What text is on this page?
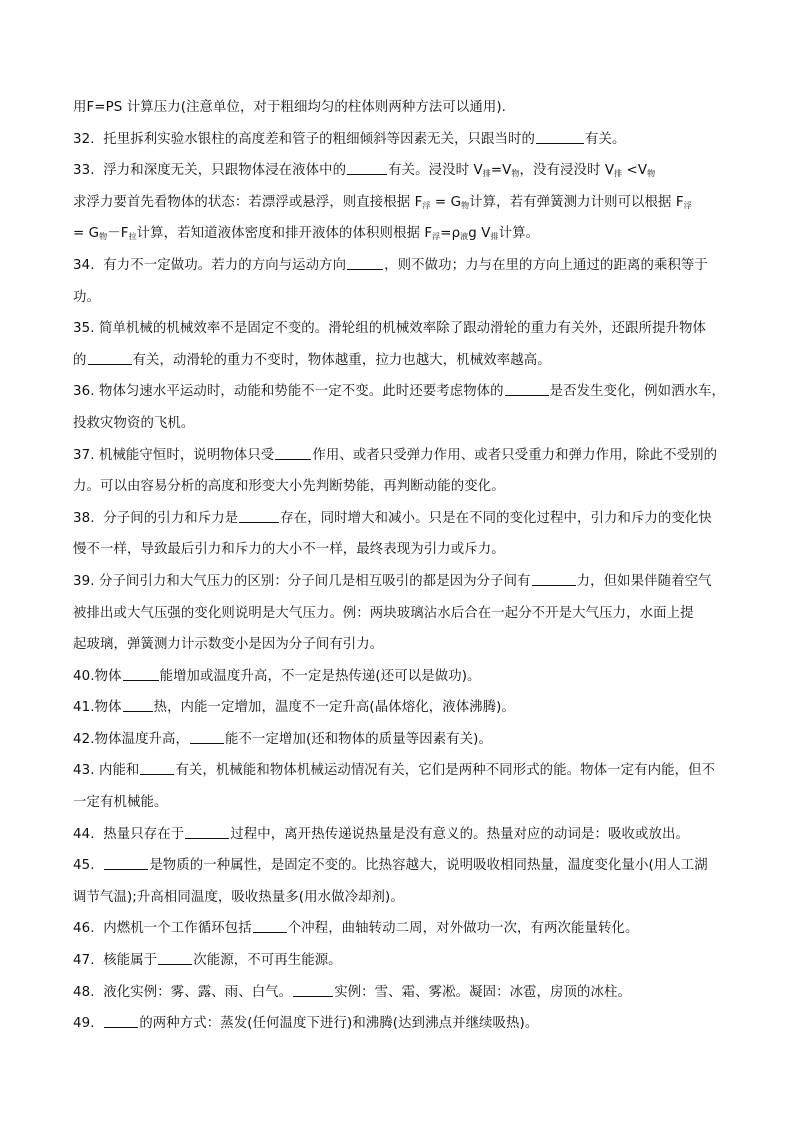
用F=PS 计算压力(注意单位，对于粗细均匀的柱体则两种方法可以通用).
32.  托里拆利实验水银柱的高度差和管子的粗细倾斜等因素无关，只跟当时的	有关。
33.  浮力和深度无关，只跟物体浸在液体中的	有关。浸没时 $V_排=V_物$，没有浸没时 $V_排 <V_物$
求浮力要首先看物体的状态：若漂浮或悬浮，则直接根据 $F_浮 = G_物$计算，若有弹簧测力计则可以根据 $F_浮$
= $G_物-F_拉$计算，若知道液体密度和排开液体的体积则根据 $F_浮=\rho_液g$ $V_排$计算。
34.  有力不一定做功。若力的方向与运动方向	，则不做功；力与在里的方向上通过的距离的乘积等于
功。
35. 简单机械的机械效率不是固定不变的。滑轮组的机械效率除了跟动滑轮的重力有关外，还跟所提升物体
的	有关，动滑轮的重力不变时，物体越重，拉力也越大，机械效率越高。
36. 物体匀速水平运动时，动能和势能不一定不变。此时还要考虑物体的	是否发生变化，例如洒水车，
投救灾物资的飞机。
37. 机械能守恒时，说明物体只受	作用、或者只受弹力作用、或者只受重力和弹力作用，除此不受别的
力。可以由容易分析的高度和形变大小先判断势能，再判断动能的变化。
38.  分子间的引力和斥力是	存在，同时增大和减小。只是在不同的变化过程中，引力和斥力的变化快
慢不一样，导致最后引力和斥力的大小不一样，最终表现为引力或斥力。
39. 分子间引力和大气压力的区别：分子间几是相互吸引的都是因为分子间有	力，但如果伴随着空气
被排出或大气压强的变化则说明是大气压力。例：两块玻璃沾水后合在一起分不开是大气压力，水面上提
起玻璃，弹簧测力计示数变小是因为分子间有引力。
40.物体	能增加或温度升高，不一定是热传递(还可以是做功)。
41.物体 热，内能一定增加，温度不一定升高(晶体熔化，液体沸腾)。
42.物体温度升高，	能不一定增加(还和物体的质量等因素有关)。
43. 内能和	有关，机械能和物体机械运动情况有关，它们是两种不同形式的能。物体一定有内能，但不
一定有机械能。
44.  热量只存在于	过程中，离开热传递说热量是没有意义的。热量对应的动词是：吸收或放出。
45.	是物质的一种属性，是固定不变的。比热容越大，说明吸收相同热量，温度变化量小(用人工湖
调节气温);升高相同温度，吸收热量多(用水做冷却剂)。
46.  内燃机一个工作循环包括	个冲程，曲轴转动二周，对外做功一次，有两次能量转化。
47.  核能属于	次能源，不可再生能源。
48.  液化实例：雾、露、雨、白气。	实例：雪、霜、雾凇。凝固：冰雹，房顶的冰柱。
49.	的两种方式：蒸发(任何温度下进行)和沸腾(达到沸点并继续吸热)。
